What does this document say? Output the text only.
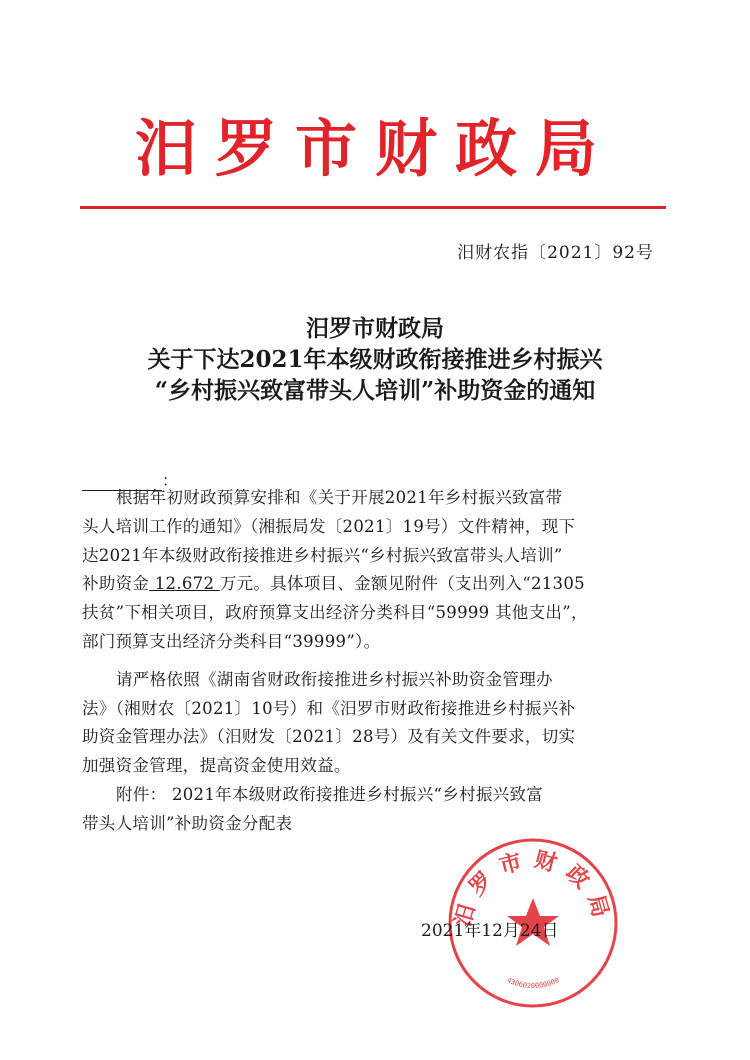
汨罗市财政局
汨财农指〔2021〕92号
汨罗市财政局
关于下达2021年本级财政衔接推进乡村振兴
“乡村振兴致富带头人培训”补助资金的通知
：
根据年初财政预算安排和《关于开展2021年乡村振兴致富带
头人培训工作的通知》（湘振局发〔2021〕19号）文件精神，现下
达2021年本级财政衔接推进乡村振兴“乡村振兴致富带头人培训”
补助资金 12.672 万元。具体项目、金额见附件（支出列入“21305
扶贫”下相关项目，政府预算支出经济分类科目“59999 其他支出”，
部门预算支出经济分类科目“39999”）。
请严格依照《湖南省财政衔接推进乡村振兴补助资金管理办
法》（湘财农〔2021〕10号）和《汨罗市财政衔接推进乡村振兴补
助资金管理办法》（汨财发〔2021〕28号）及有关文件要求，切实
加强资金管理，提高资金使用效益。
附件： 2021年本级财政衔接推进乡村振兴“乡村振兴致富
带头人培训”补助资金分配表
2021年12月24日
汨罗市财政局
4306020000000
